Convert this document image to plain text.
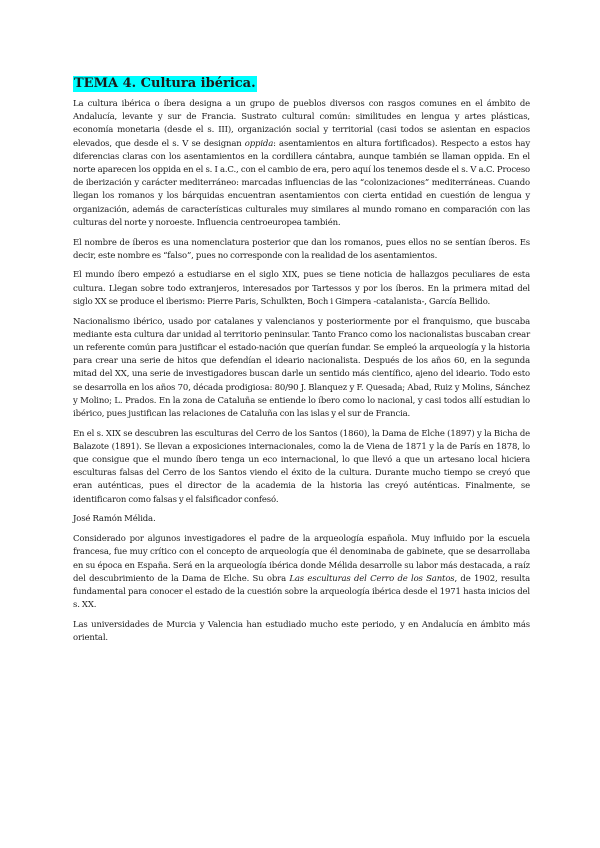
TEMA 4. Cultura ibérica.

La cultura ibérica o íbera designa a un grupo de pueblos diversos con rasgos comunes en el ámbito de Andalucía, levante y sur de Francia. Sustrato cultural común: similitudes en lengua y artes plásticas, economía monetaria (desde el s. III), organización social y territorial (casi todos se asientan en espacios elevados, que desde el s. V se designan oppida: asentamientos en altura fortificados). Respecto a estos hay diferencias claras con los asentamientos en la cordillera cántabra, aunque también se llaman oppida. En el norte aparecen los oppida en el s. I a.C., con el cambio de era, pero aquí los tenemos desde el s. V a.C. Proceso de iberización y carácter mediterráneo: marcadas influencias de las “colonizaciones” mediterráneas. Cuando llegan los romanos y los bárquidas encuentran asentamientos con cierta entidad en cuestión de lengua y organización, además de características culturales muy similares al mundo romano en comparación con las culturas del norte y noroeste. Influencia centroeuropea también.

El nombre de íberos es una nomenclatura posterior que dan los romanos, pues ellos no se sentían íberos. Es decir, este nombre es “falso”, pues no corresponde con la realidad de los asentamientos.

El mundo íbero empezó a estudiarse en el siglo XIX, pues se tiene noticia de hallazgos peculiares de esta cultura. Llegan sobre todo extranjeros, interesados por Tartessos y por los íberos. En la primera mitad del siglo XX se produce el iberismo: Pierre Paris, Schulkten, Boch i Gimpera -catalanista-, García Bellido.

Nacionalismo ibérico, usado por catalanes y valencianos y posteriormente por el franquismo, que buscaba mediante esta cultura dar unidad al territorio peninsular. Tanto Franco como los nacionalistas buscaban crear un referente común para justificar el estado-nación que querían fundar. Se empleó la arqueología y la historia para crear una serie de hitos que defendían el ideario nacionalista. Después de los años 60, en la segunda mitad del XX, una serie de investigadores buscan darle un sentido más científico, ajeno del ideario. Todo esto se desarrolla en los años 70, década prodigiosa: 80/90 J. Blanquez y F. Quesada; Abad, Ruiz y Molins, Sánchez y Molino; L. Prados. En la zona de Cataluña se entiende lo íbero como lo nacional, y casi todos allí estudian lo ibérico, pues justifican las relaciones de Cataluña con las islas y el sur de Francia.

En el s. XIX se descubren las esculturas del Cerro de los Santos (1860), la Dama de Elche (1897) y la Bicha de Balazote (1891). Se llevan a exposiciones internacionales, como la de Viena de 1871 y la de París en 1878, lo que consigue que el mundo íbero tenga un eco internacional, lo que llevó a que un artesano local hiciera esculturas falsas del Cerro de los Santos viendo el éxito de la cultura. Durante mucho tiempo se creyó que eran auténticas, pues el director de la academia de la historia las creyó auténticas. Finalmente, se identificaron como falsas y el falsificador confesó.

José Ramón Mélida.

Considerado por algunos investigadores el padre de la arqueología española. Muy influido por la escuela francesa, fue muy crítico con el concepto de arqueología que él denominaba de gabinete, que se desarrollaba en su época en España. Será en la arqueología ibérica donde Mélida desarrolle su labor más destacada, a raíz del descubrimiento de la Dama de Elche. Su obra Las esculturas del Cerro de los Santos, de 1902, resulta fundamental para conocer el estado de la cuestión sobre la arqueología ibérica desde el 1971 hasta inicios del s. XX.

Las universidades de Murcia y Valencia han estudiado mucho este periodo, y en Andalucía en ámbito más oriental.
